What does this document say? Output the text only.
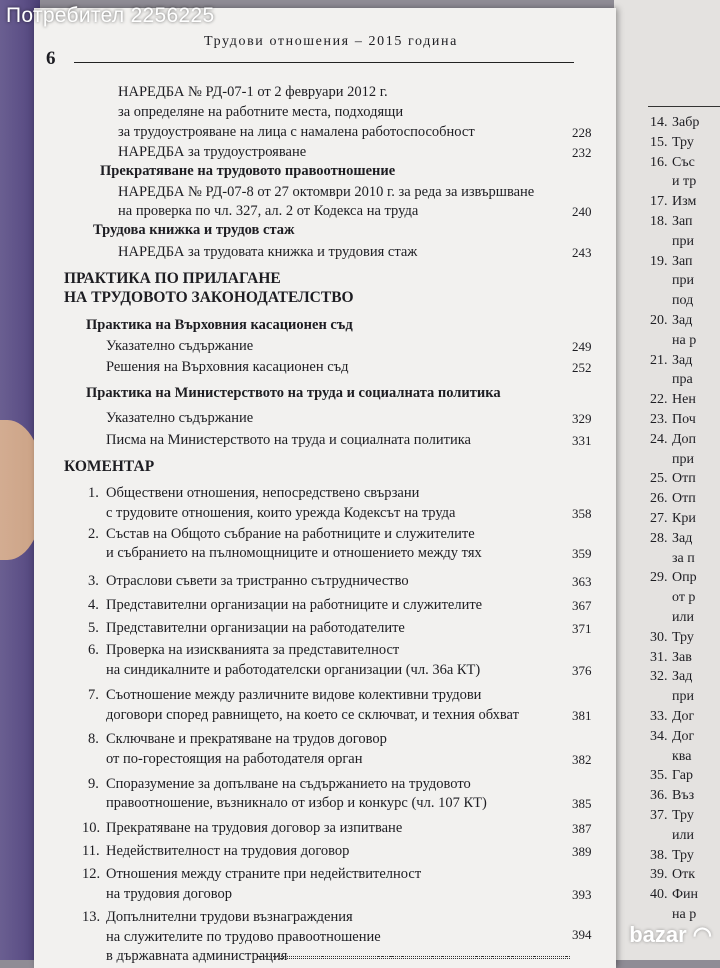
14. Забр
15. Тру
16. Със
и тр
17. Изм
18. Зап
при
19. Зап
при
под
20. Зад
на р
21. Зад
пра
22. Нен
23. Поч
24. Доп
при
25. Отп
26. Отп
27. Кри
28. Зад
за п
29. Опр
от р
или
30. Тру
31. Зав
32. Зад
при
33. Дог
34. Дог
ква
35. Гар
36. Въз
37. Тру
или
38. Тру
39. Отк
40. Фин
на р
Потребител 2256225
bazar ◠
Трудови отношения – 2015 година
6
НАРЕДБА № РД-07-1 от 2 февруари 2012 г.
за определяне на работните места, подходящи
за трудоустрояване на лица с намалена работоспособност	228
НАРЕДБА за трудоустрояване	232
Прекратяване на трудовото правоотношение
НАРЕДБА № РД-07-8 от 27 октомври 2010 г. за реда за извършване
на проверка по чл. 327, ал. 2 от Кодекса на труда	240
Трудова книжка и трудов стаж
НАРЕДБА за трудовата книжка и трудовия стаж	243
ПРАКТИКА ПО ПРИЛАГАНЕ
НА ТРУДОВОТО ЗАКОНОДАТЕЛСТВО
Практика на Върховния касационен съд
Указателно съдържание	249
Решения на Върховния касационен съд	252
Практика на Министерството на труда и социалната политика
Указателно съдържание	329
Писма на Министерството на труда и социалната политика	331
КОМЕНТАР
1. Обществени отношения, непосредствено свързани
с трудовите отношения, които урежда Кодексът на труда	358
2. Състав на Общото събрание на работниците и служителите
и събранието на пълномощниците и отношението между тях	359
3. Отраслови съвети за тристранно сътрудничество	363
4. Представителни организации на работниците и служителите	367
5. Представителни организации на работодателите	371
6. Проверка на изискванията за представителност
на синдикалните и работодателски организации (чл. 36а КТ)	376
7. Съотношение между различните видове колективни трудови
договори според равнището, на което се сключват, и техния обхват	381
8. Сключване и прекратяване на трудов договор
от по-горестоящия на работодателя орган	382
9. Споразумение за допълване на съдържанието на трудовото
правоотношение, възникнало от избор и конкурс (чл. 107 КТ)	385
10. Прекратяване на трудовия договор за изпитване	387
11. Недействителност на трудовия договор	389
12. Отношения между страните при недействителност
на трудовия договор	393
13. Допълнителни трудови възнаграждения
на служителите по трудово правоотношение
в държавната администрация
394
